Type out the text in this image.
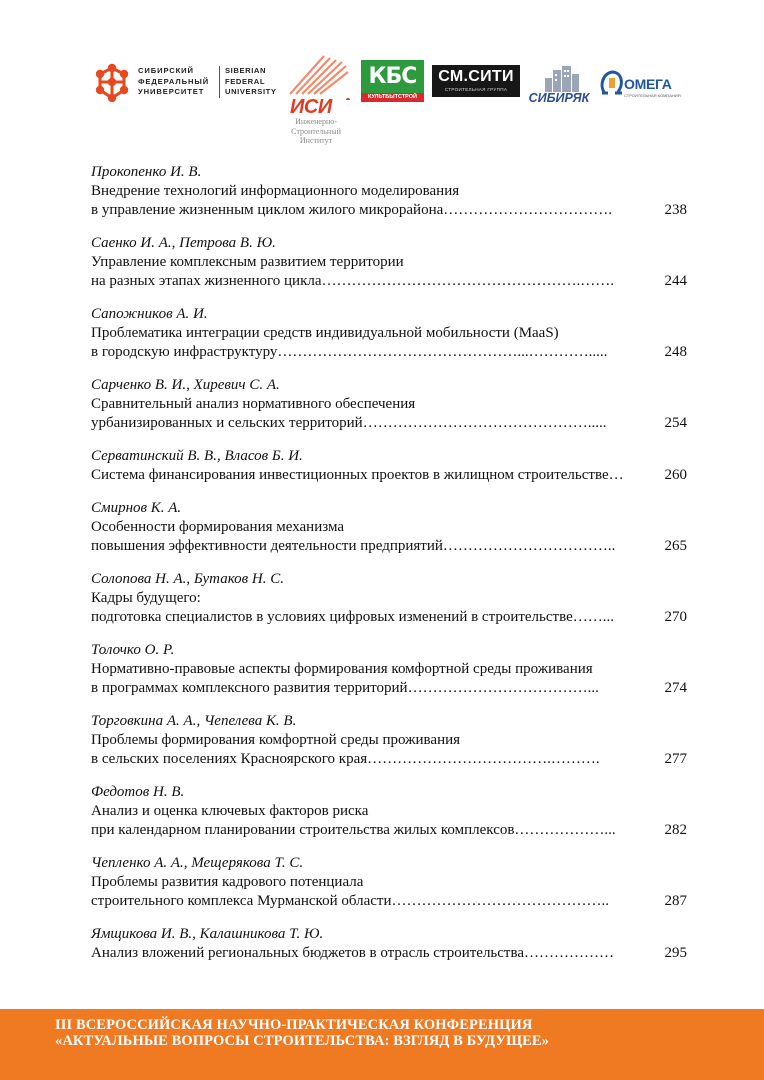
СИБИРСКИЙ
ФЕДЕРАЛЬНЫЙ
УНИВЕРСИТЕТ
SIBERIAN
FEDERAL
UNIVERSITY
ИСИ
Инженерно-
Строительный
Институт
КБС
КУЛЬТБЫТСТРОЙ
СМ.СИТИ
СТРОИТЕЛЬНАЯ ГРУППА
СИБИРЯК
ОМЕГА
СТРОИТЕЛЬНАЯ КОМПАНИЯ
Прокопенко И. В.
Внедрение технологий информационного моделирования
в управление жизненным циклом жилого микрорайона…………………………….	238
Саенко И. А., Петрова В. Ю.
Управление комплексным развитием территории
на разных этапах жизненного цикла…………………………………………….…….	244
Сапожников А. И.
Проблематика интеграции средств индивидуальной мобильности (MaaS)
в городскую инфраструктуру…………………………………………...………….....	248
Сарченко В. И., Хиревич С. А.
Сравнительный анализ нормативного обеспечения
урбанизированных и сельских территорий……………………………………….....	254
Серватинский В. В., Власов Б. И.
Система финансирования инвестиционных проектов в жилищном строительстве…	260
Смирнов К. А.
Особенности формирования механизма
повышения эффективности деятельности предприятий……………………………..	265
Солопова Н. А., Бутаков Н. С.
Кадры будущего:
подготовка специалистов в условиях цифровых изменений в строительстве……...	270
Толочко О. Р.
Нормативно-правовые аспекты формирования комфортной среды проживания
в программах комплексного развития территорий………………………………...	274
Торговкина А. А., Чепелева К. В.
Проблемы формирования комфортной среды проживания
в сельских поселениях Красноярского края……………………………….……….	277
Федотов Н. В.
Анализ и оценка ключевых факторов риска
при календарном планировании строительства жилых комплексов………………...	282
Чепленко А. А., Мещерякова Т. С.
Проблемы развития кадрового потенциала
строительного комплекса Мурманской области……………………………………..	287
Ямщикова И. В., Калашникова Т. Ю.
Анализ вложений региональных бюджетов в отрасль строительства………………	295
III ВСЕРОССИЙСКАЯ НАУЧНО-ПРАКТИЧЕСКАЯ КОНФЕРЕНЦИЯ
«АКТУАЛЬНЫЕ ВОПРОСЫ СТРОИТЕЛЬСТВА: ВЗГЛЯД В БУДУЩЕЕ»
